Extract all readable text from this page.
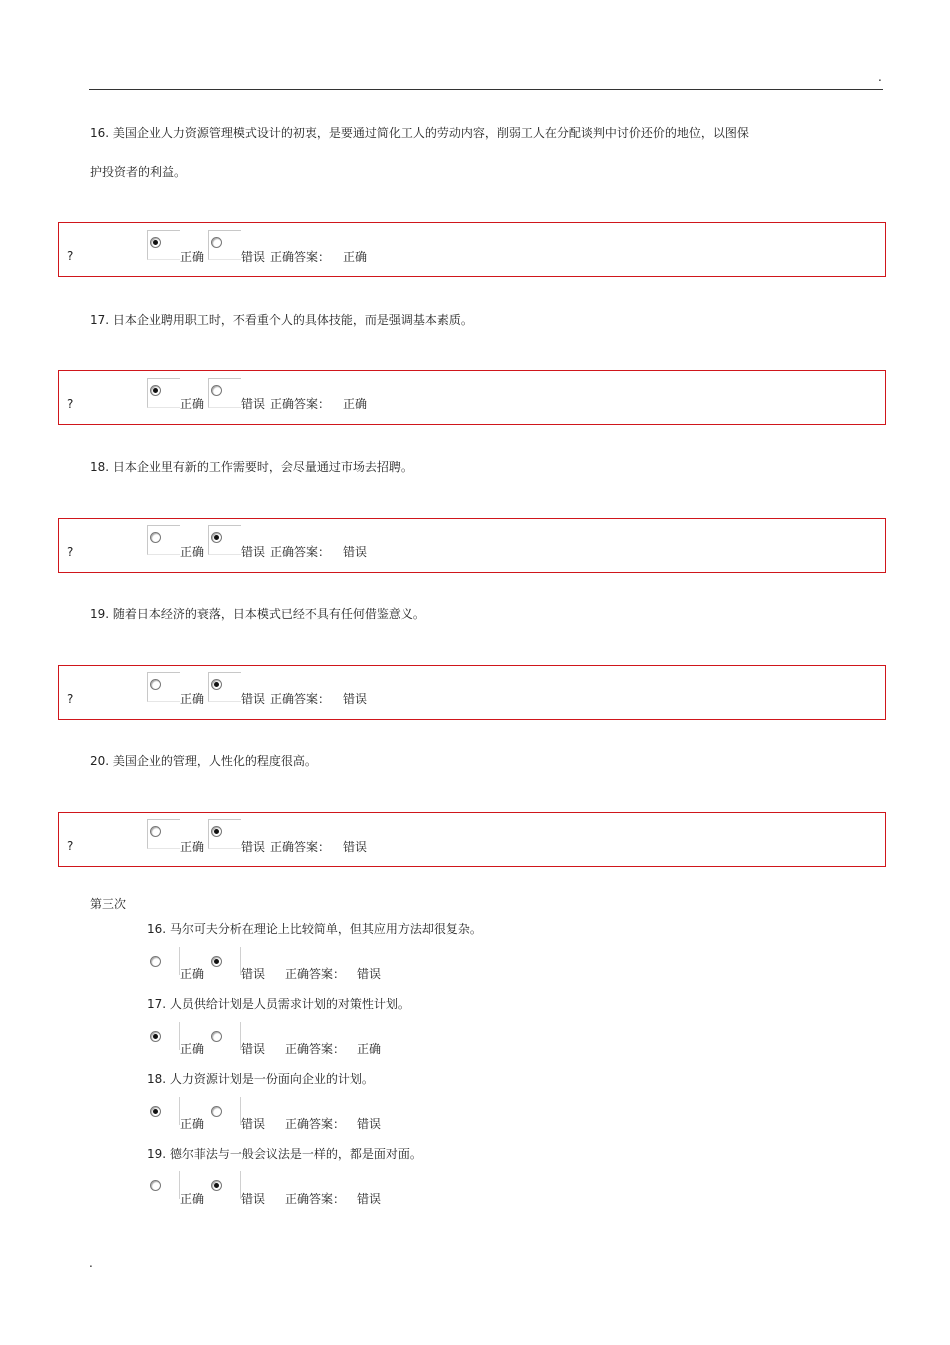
.
16. 美国企业人力资源管理模式设计的初衷，是要通过简化工人的劳动内容，削弱工人在分配谈判中讨价还价的地位，以图保
护投资者的利益。
?	正确	错误 正确答案： 正确
17. 日本企业聘用职工时，不看重个人的具体技能，而是强调基本素质。
?	正确	错误 正确答案： 正确
18. 日本企业里有新的工作需要时，会尽量通过市场去招聘。
?	正确	错误 正确答案： 错误
19. 随着日本经济的衰落，日本模式已经不具有任何借鉴意义。
?	正确	错误 正确答案： 错误
20. 美国企业的管理，人性化的程度很高。
?	正确	错误 正确答案： 错误
第三次
16. 马尔可夫分析在理论上比较简单，但其应用方法却很复杂。
正确	错误 正确答案： 错误
17. 人员供给计划是人员需求计划的对策性计划。
正确	错误 正确答案： 正确
18. 人力资源计划是一份面向企业的计划。
正确	错误 正确答案： 错误
19. 德尔菲法与一般会议法是一样的，都是面对面。
正确	错误 正确答案： 错误
.
